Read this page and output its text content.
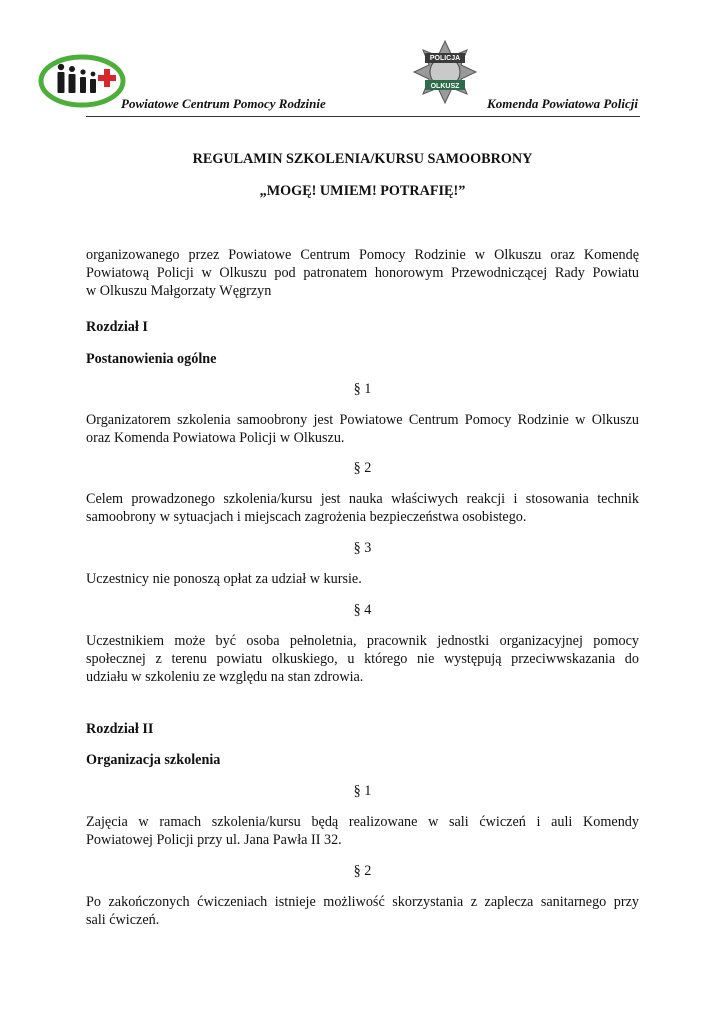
POLICJA
OLKUSZ
Powiatowe Centrum Pomocy Rodzinie	Komenda Powiatowa Policji

REGULAMIN SZKOLENIA/KURSU SAMOOBRONY

„MOGĘ! UMIEM! POTRAFIĘ!”

organizowanego przez Powiatowe Centrum Pomocy Rodzinie w Olkuszu oraz Komendę

Powiatową Policji w Olkuszu pod patronatem honorowym Przewodniczącej Rady Powiatu

w Olkuszu Małgorzaty Węgrzyn

Rozdział I

Postanowienia ogólne

§ 1

Organizatorem szkolenia samoobrony jest Powiatowe Centrum Pomocy Rodzinie w Olkuszu

oraz Komenda Powiatowa Policji w Olkuszu.

§ 2

Celem prowadzonego szkolenia/kursu jest nauka właściwych reakcji i stosowania technik

samoobrony w sytuacjach i miejscach zagrożenia bezpieczeństwa osobistego.

§ 3

Uczestnicy nie ponoszą opłat za udział w kursie.

§ 4

Uczestnikiem może być osoba pełnoletnia, pracownik jednostki organizacyjnej pomocy

społecznej z terenu powiatu olkuskiego, u którego nie występują przeciwwskazania do

udziału w szkoleniu ze względu na stan zdrowia.

Rozdział II

Organizacja szkolenia

§ 1

Zajęcia w ramach szkolenia/kursu będą realizowane w sali ćwiczeń i auli Komendy

Powiatowej Policji przy ul. Jana Pawła II 32.

§ 2

Po zakończonych ćwiczeniach istnieje możliwość skorzystania z zaplecza sanitarnego przy

sali ćwiczeń.
